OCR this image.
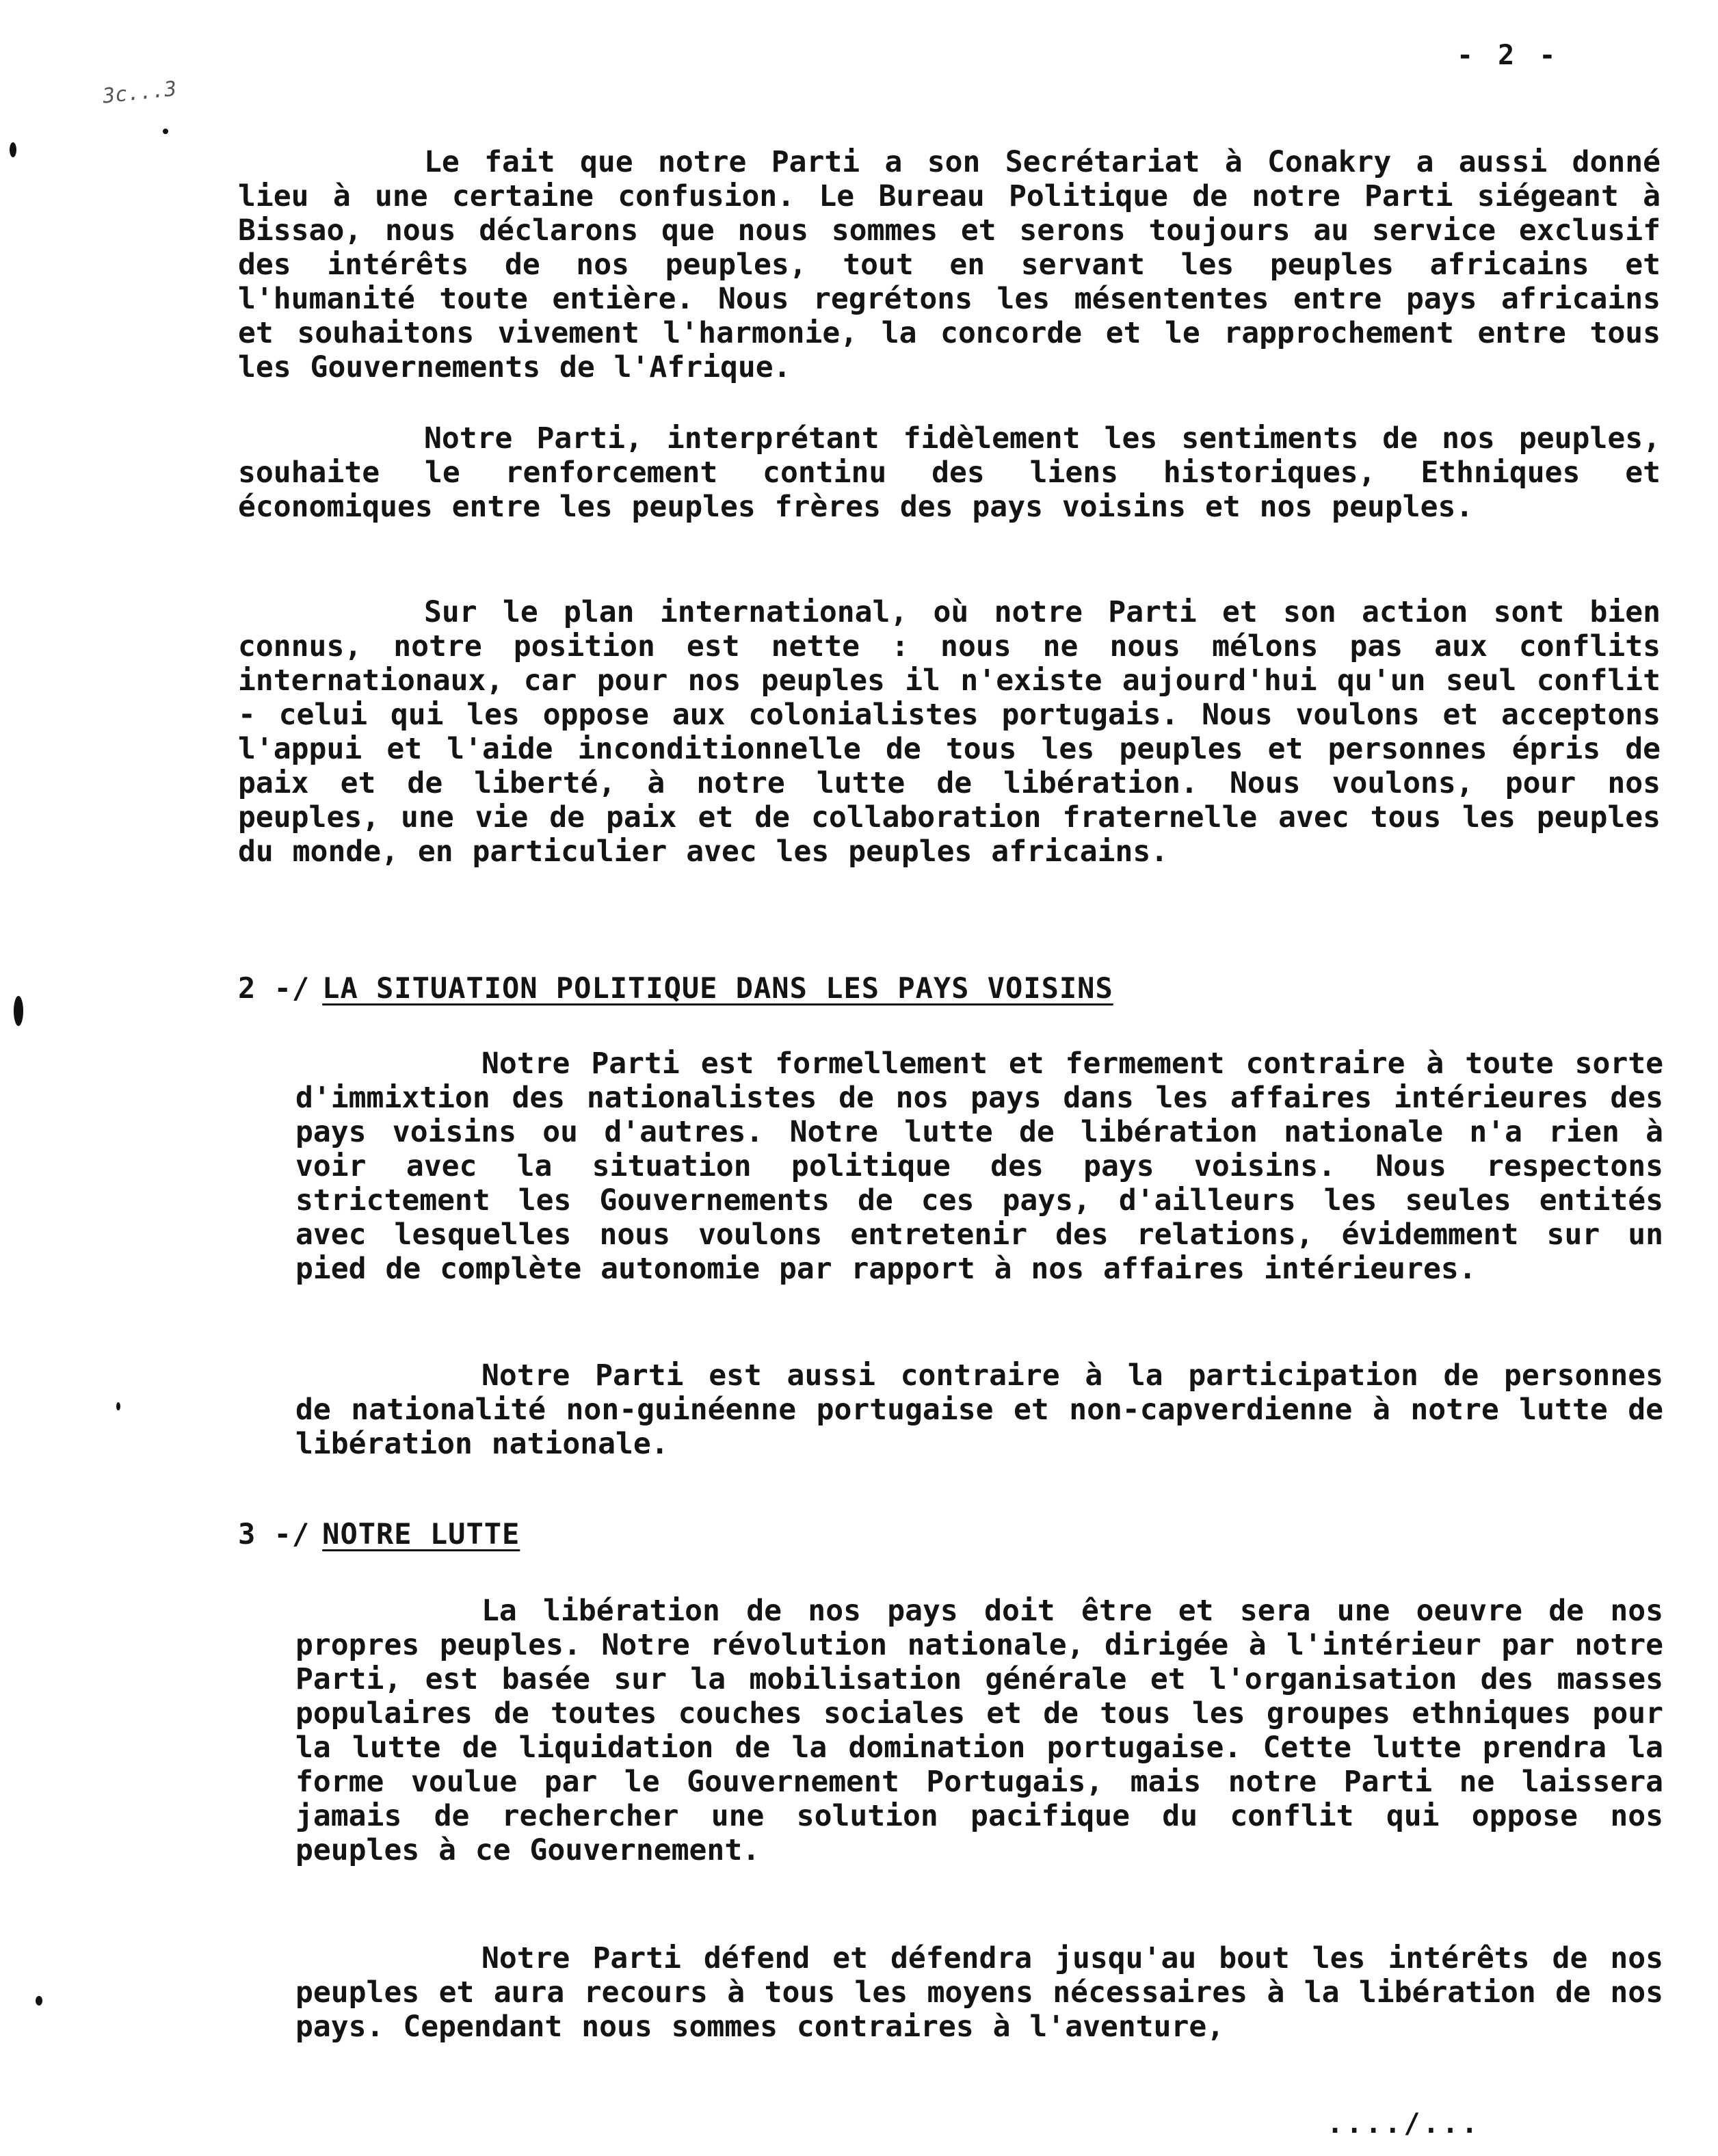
3c...3
- 2 -

Le fait que notre Parti a son Secrétariat à Conakry a aussi donné lieu à une certaine confusion. Le Bureau Politique de notre Parti siégeant à Bissao, nous déclarons que nous sommes et serons toujours au service exclusif des intérêts de nos peuples, tout en servant les peuples africains et l'humanité toute entière. Nous regrétons les mésententes entre pays africains et souhaitons vivement l'harmonie, la concorde et le rapprochement entre tous les Gouvernements de l'Afrique.

Notre Parti, interprétant fidèlement les sentiments de nos peuples, souhaite le renforcement continu des liens historiques, Ethniques et économiques entre les peuples frères des pays voisins et nos peuples.

Sur le plan international, où notre Parti et son action sont bien connus, notre position est nette : nous ne nous mélons pas aux conflits internationaux, car pour nos peuples il n'existe aujourd'hui qu'un seul conflit - celui qui les oppose aux colonialistes portugais. Nous voulons et acceptons l'appui et l'aide inconditionnelle de tous les peuples et personnes épris de paix et de liberté, à notre lutte de libération. Nous voulons, pour nos peuples, une vie de paix et de collaboration fraternelle avec tous les peuples du monde, en particulier avec les peuples africains.

2 -/ LA SITUATION POLITIQUE DANS LES PAYS VOISINS

Notre Parti est formellement et fermement contraire à toute sorte d'immixtion des nationalistes de nos pays dans les affaires intérieures des pays voisins ou d'autres. Notre lutte de libération nationale n'a rien à voir avec la situation politique des pays voisins. Nous respectons strictement les Gouvernements de ces pays, d'ailleurs les seules entités avec lesquelles nous voulons entretenir des relations, évidemment sur un pied de complète autonomie par rapport à nos affaires intérieures.

Notre Parti est aussi contraire à la participation de personnes de nationalité non-guinéenne portugaise et non-capverdienne à notre lutte de libération nationale.

3 -/ NOTRE LUTTE

La libération de nos pays doit être et sera une oeuvre de nos propres peuples. Notre révolution nationale, dirigée à l'intérieur par notre Parti, est basée sur la mobilisation générale et l'organisation des masses populaires de toutes couches sociales et de tous les groupes ethniques pour la lutte de liquidation de la domination portugaise. Cette lutte prendra la forme voulue par le Gouvernement Portugais, mais notre Parti ne laissera jamais de rechercher une solution pacifique du conflit qui oppose nos peuples à ce Gouvernement.

Notre Parti défend et défendra jusqu'au bout les intérêts de nos peuples et aura recours à tous les moyens nécessaires à la libération de nos pays. Cependant nous sommes contraires à l'aventure,

..../...
